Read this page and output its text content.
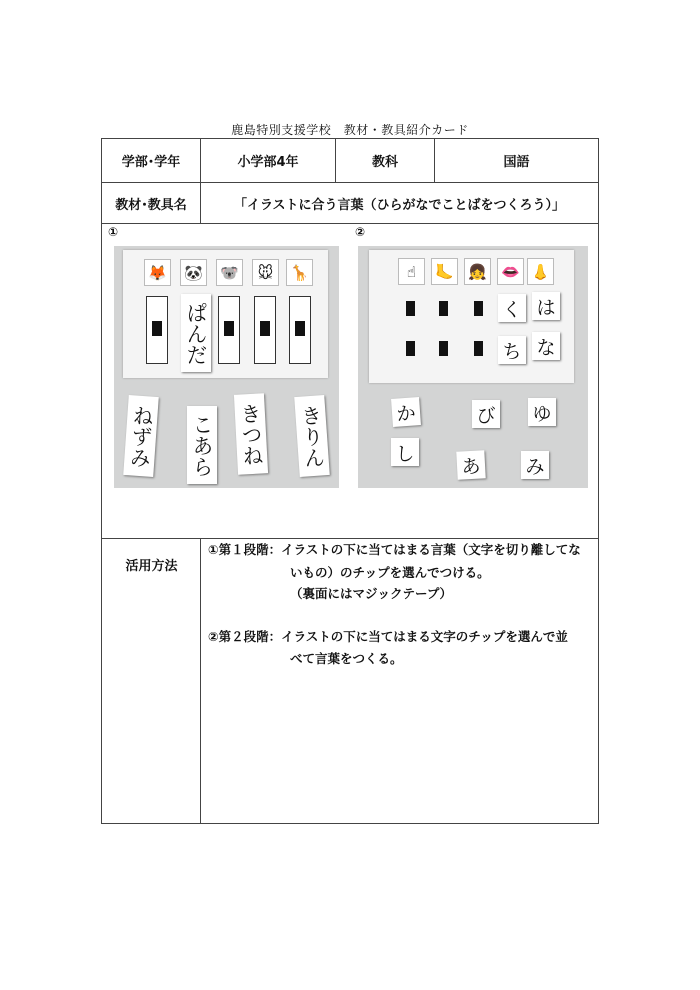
鹿島特別支援学校　教材・教具紹介カード
学部･学年	小学部4年	教科	国語
教材･教具名	「イラストに合う言葉（ひらがなでことばをつくろう）」
①	②
🦊 🐼 🐨	🐭	🦒
ぱんだ
ねずみ こあら きつね きりん
☝	🦶 👧 👄 👃
く は
ち な
か	び ゆ
し
あ み
活用方法
①第１段階：イラストの下に当てはまる言葉（文字を切り離してな
いもの）のチップを選んでつける。
（裏面にはマジックテープ）
②第２段階：イラストの下に当てはまる文字のチップを選んで並
べて言葉をつくる。
